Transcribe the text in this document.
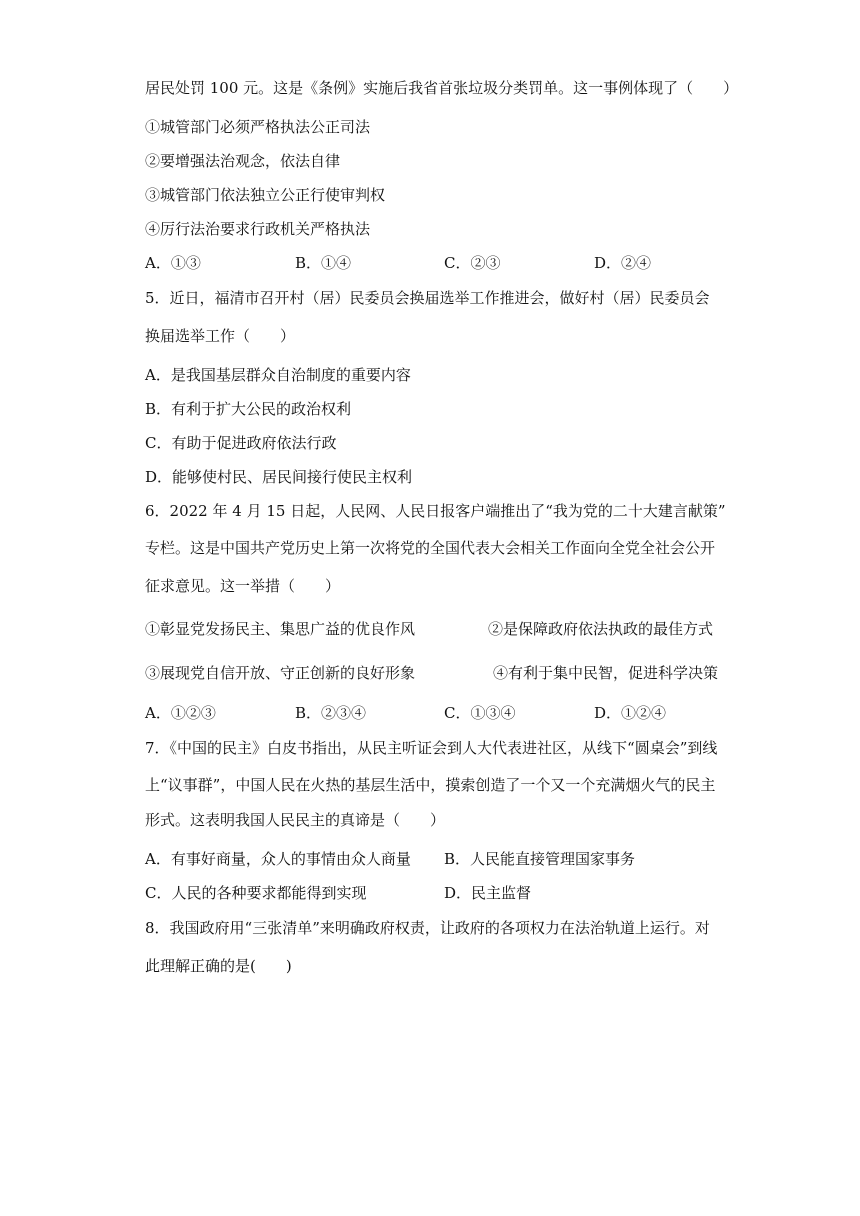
居民处罚 100 元。这是《条例》实施后我省首张垃圾分类罚单。这一事例体现了（　　）
①城管部门必须严格执法公正司法
②要增强法治观念，依法自律
③城管部门依法独立公正行使审判权
④厉行法治要求行政机关严格执法
A．①③	B．①④	C．②③	D．②④
5．近日，福清市召开村（居）民委员会换届选举工作推进会，做好村（居）民委员会
换届选举工作（　　）
A．是我国基层群众自治制度的重要内容
B．有利于扩大公民的政治权利
C．有助于促进政府依法行政
D．能够使村民、居民间接行使民主权利
6．2022 年 4 月 15 日起，人民网、人民日报客户端推出了“我为党的二十大建言献策”
专栏。这是中国共产党历史上第一次将党的全国代表大会相关工作面向全党全社会公开
征求意见。这一举措（　　）
①彰显党发扬民主、集思广益的优良作风	②是保障政府依法执政的最佳方式
③展现党自信开放、守正创新的良好形象	④有利于集中民智，促进科学决策
A．①②③	B．②③④	C．①③④	D．①②④
7．《中国的民主》白皮书指出，从民主听证会到人大代表进社区，从线下“圆桌会”到线
上“议事群”，中国人民在火热的基层生活中，摸索创造了一个又一个充满烟火气的民主
形式。这表明我国人民民主的真谛是（　　）
A．有事好商量，众人的事情由众人商量 B．人民能直接管理国家事务
C．人民的各种要求都能得到实现	D．民主监督
8．我国政府用“三张清单”来明确政府权责，让政府的各项权力在法治轨道上运行。对
此理解正确的是(　　)
